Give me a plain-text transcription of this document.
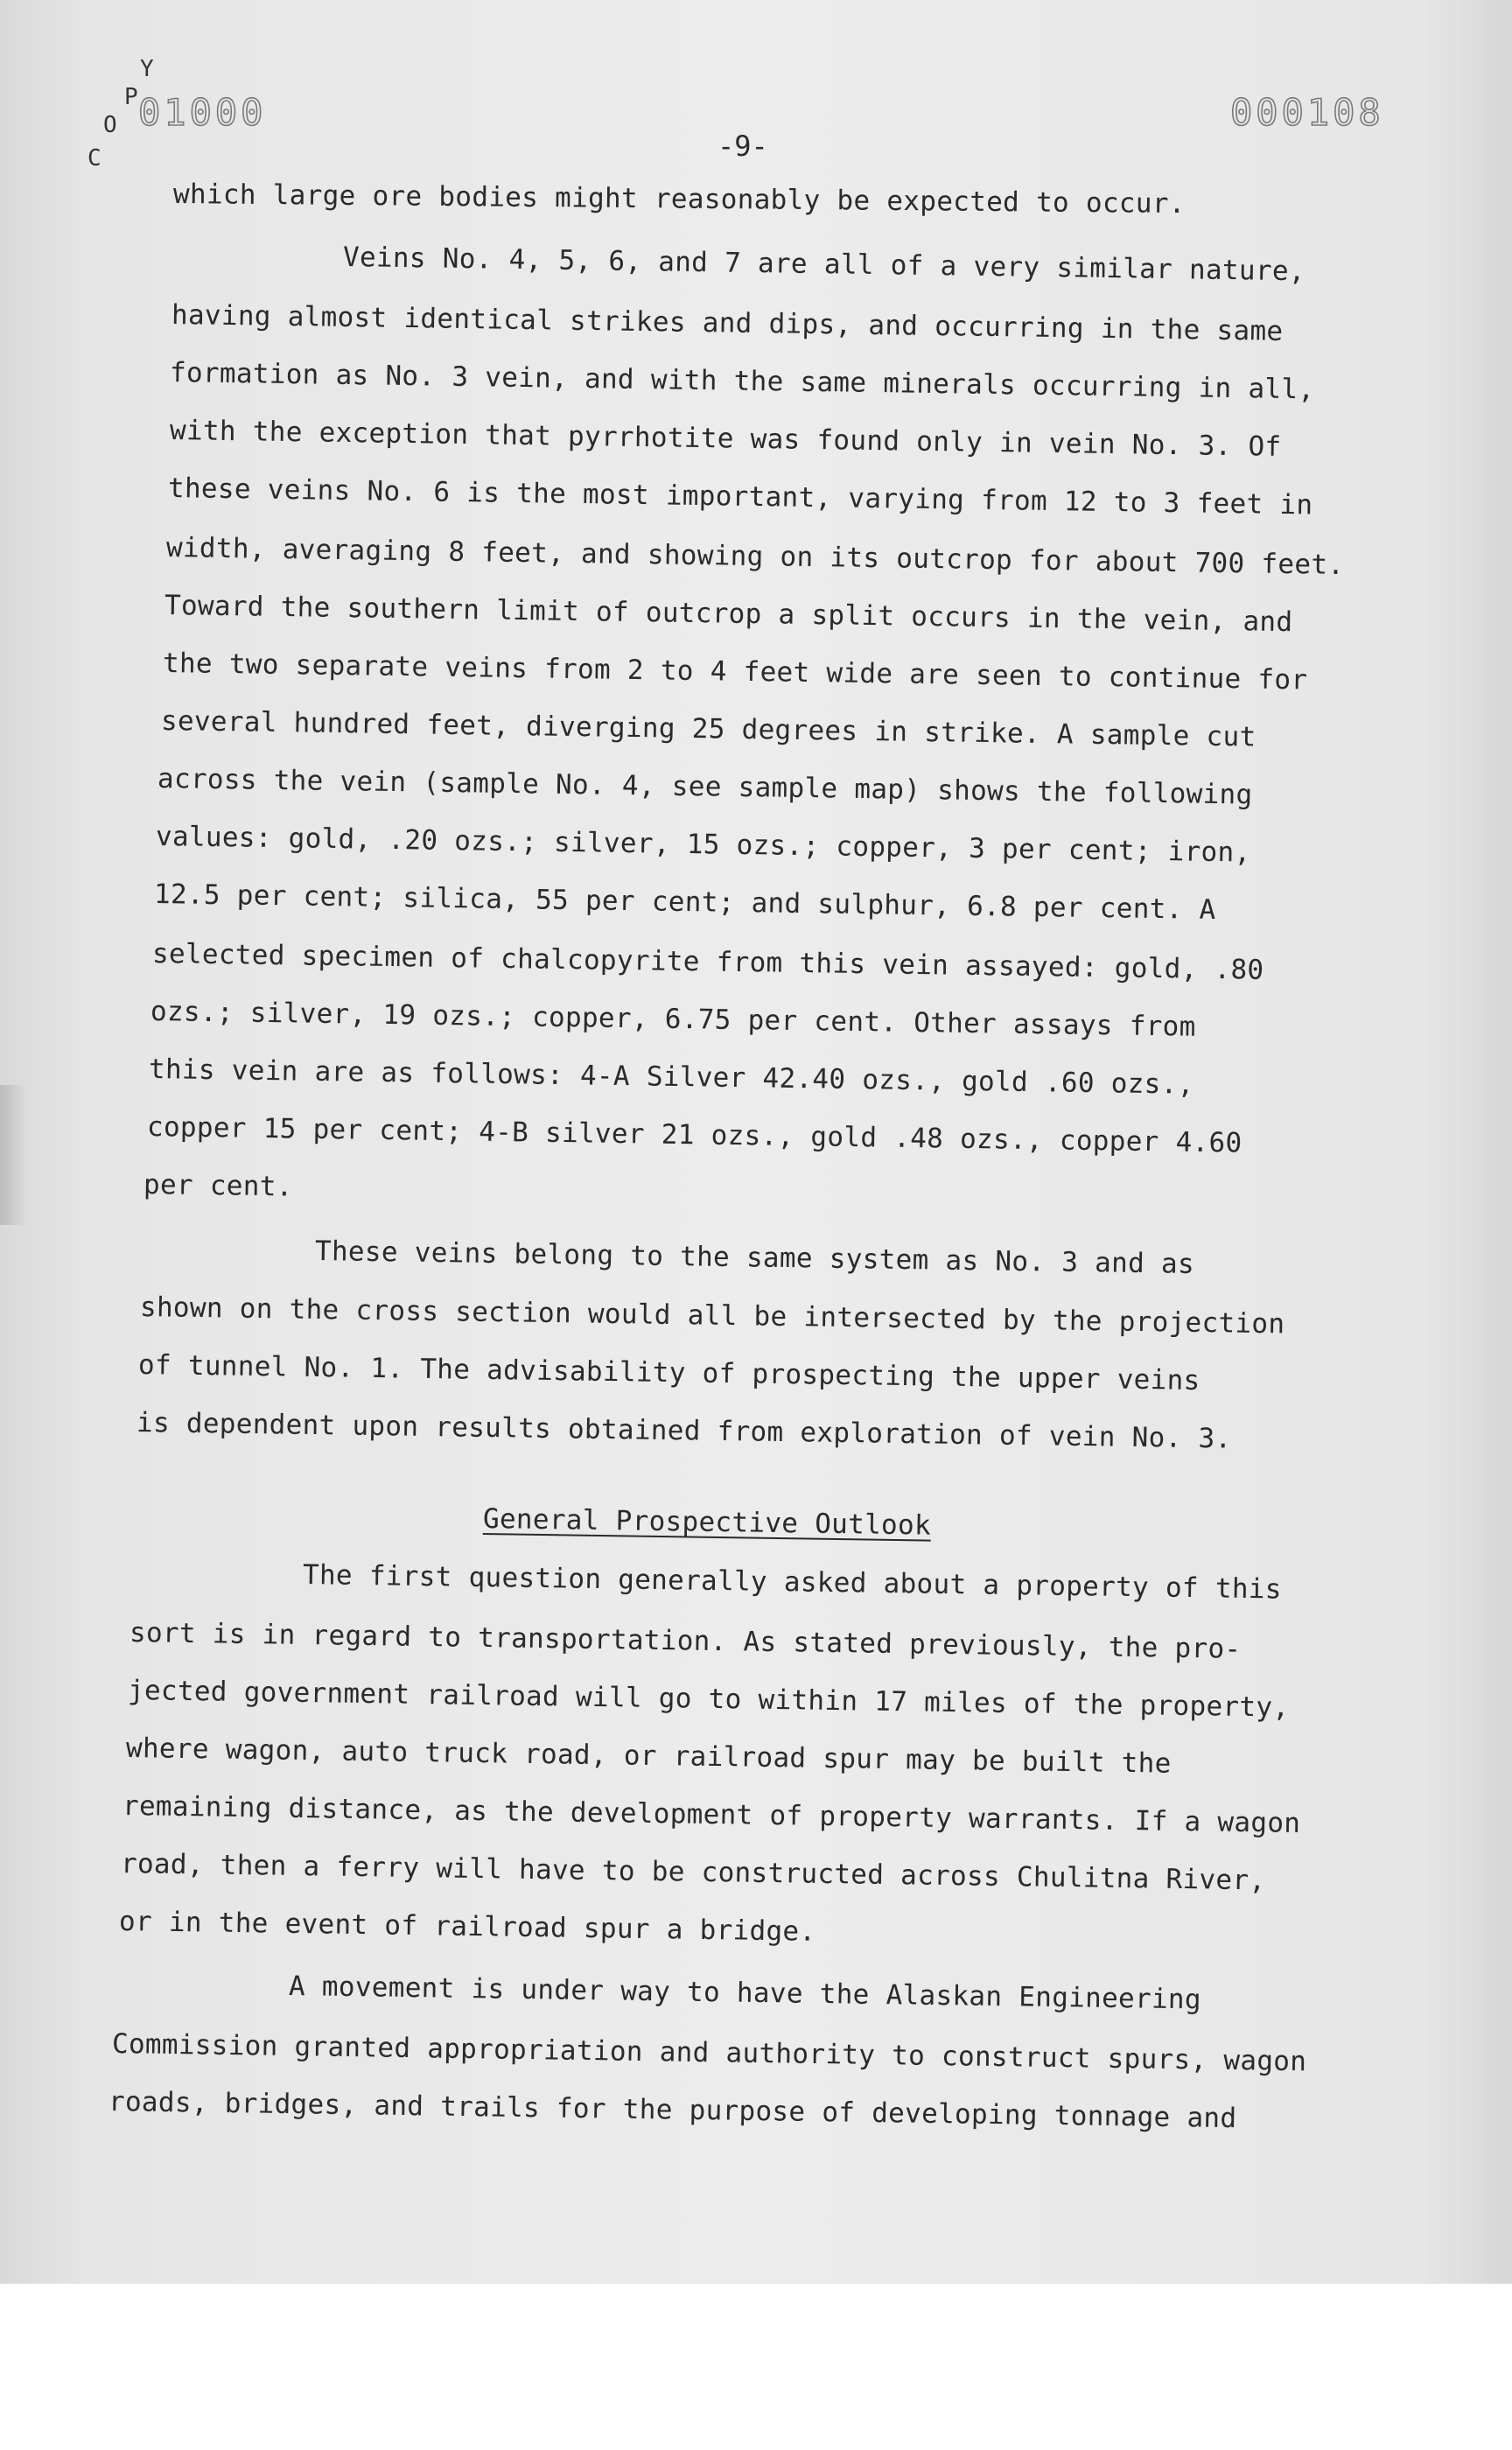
Y
P
O
C
01000	000108
-9-
which large ore bodies might reasonably be expected to occur.
Veins No. 4, 5, 6, and 7 are all of a very similar nature,
having almost identical strikes and dips, and occurring in the same
formation as No. 3 vein, and with the same minerals occurring in all,
with the exception that pyrrhotite was found only in vein No. 3. Of
these veins No. 6 is the most important, varying from 12 to 3 feet in
width, averaging 8 feet, and showing on its outcrop for about 700 feet.
Toward the southern limit of outcrop a split occurs in the vein, and
the two separate veins from 2 to 4 feet wide are seen to continue for
several hundred feet, diverging 25 degrees in strike. A sample cut
across the vein (sample No. 4, see sample map) shows the following
values: gold, .20 ozs.; silver, 15 ozs.; copper, 3 per cent; iron,
12.5 per cent; silica, 55 per cent; and sulphur, 6.8 per cent. A
selected specimen of chalcopyrite from this vein assayed: gold, .80
ozs.; silver, 19 ozs.; copper, 6.75 per cent. Other assays from
this vein are as follows: 4-A Silver 42.40 ozs., gold .60 ozs.,
copper 15 per cent; 4-B silver 21 ozs., gold .48 ozs., copper 4.60
per cent.
These veins belong to the same system as No. 3 and as
shown on the cross section would all be intersected by the projection
of tunnel No. 1. The advisability of prospecting the upper veins
is dependent upon results obtained from exploration of vein No. 3.
General Prospective Outlook
The first question generally asked about a property of this
sort is in regard to transportation. As stated previously, the pro-
jected government railroad will go to within 17 miles of the property,
where wagon, auto truck road, or railroad spur may be built the
remaining distance, as the development of property warrants. If a wagon
road, then a ferry will have to be constructed across Chulitna River,
or in the event of railroad spur a bridge.
A movement is under way to have the Alaskan Engineering
Commission granted appropriation and authority to construct spurs, wagon
roads, bridges, and trails for the purpose of developing tonnage and
